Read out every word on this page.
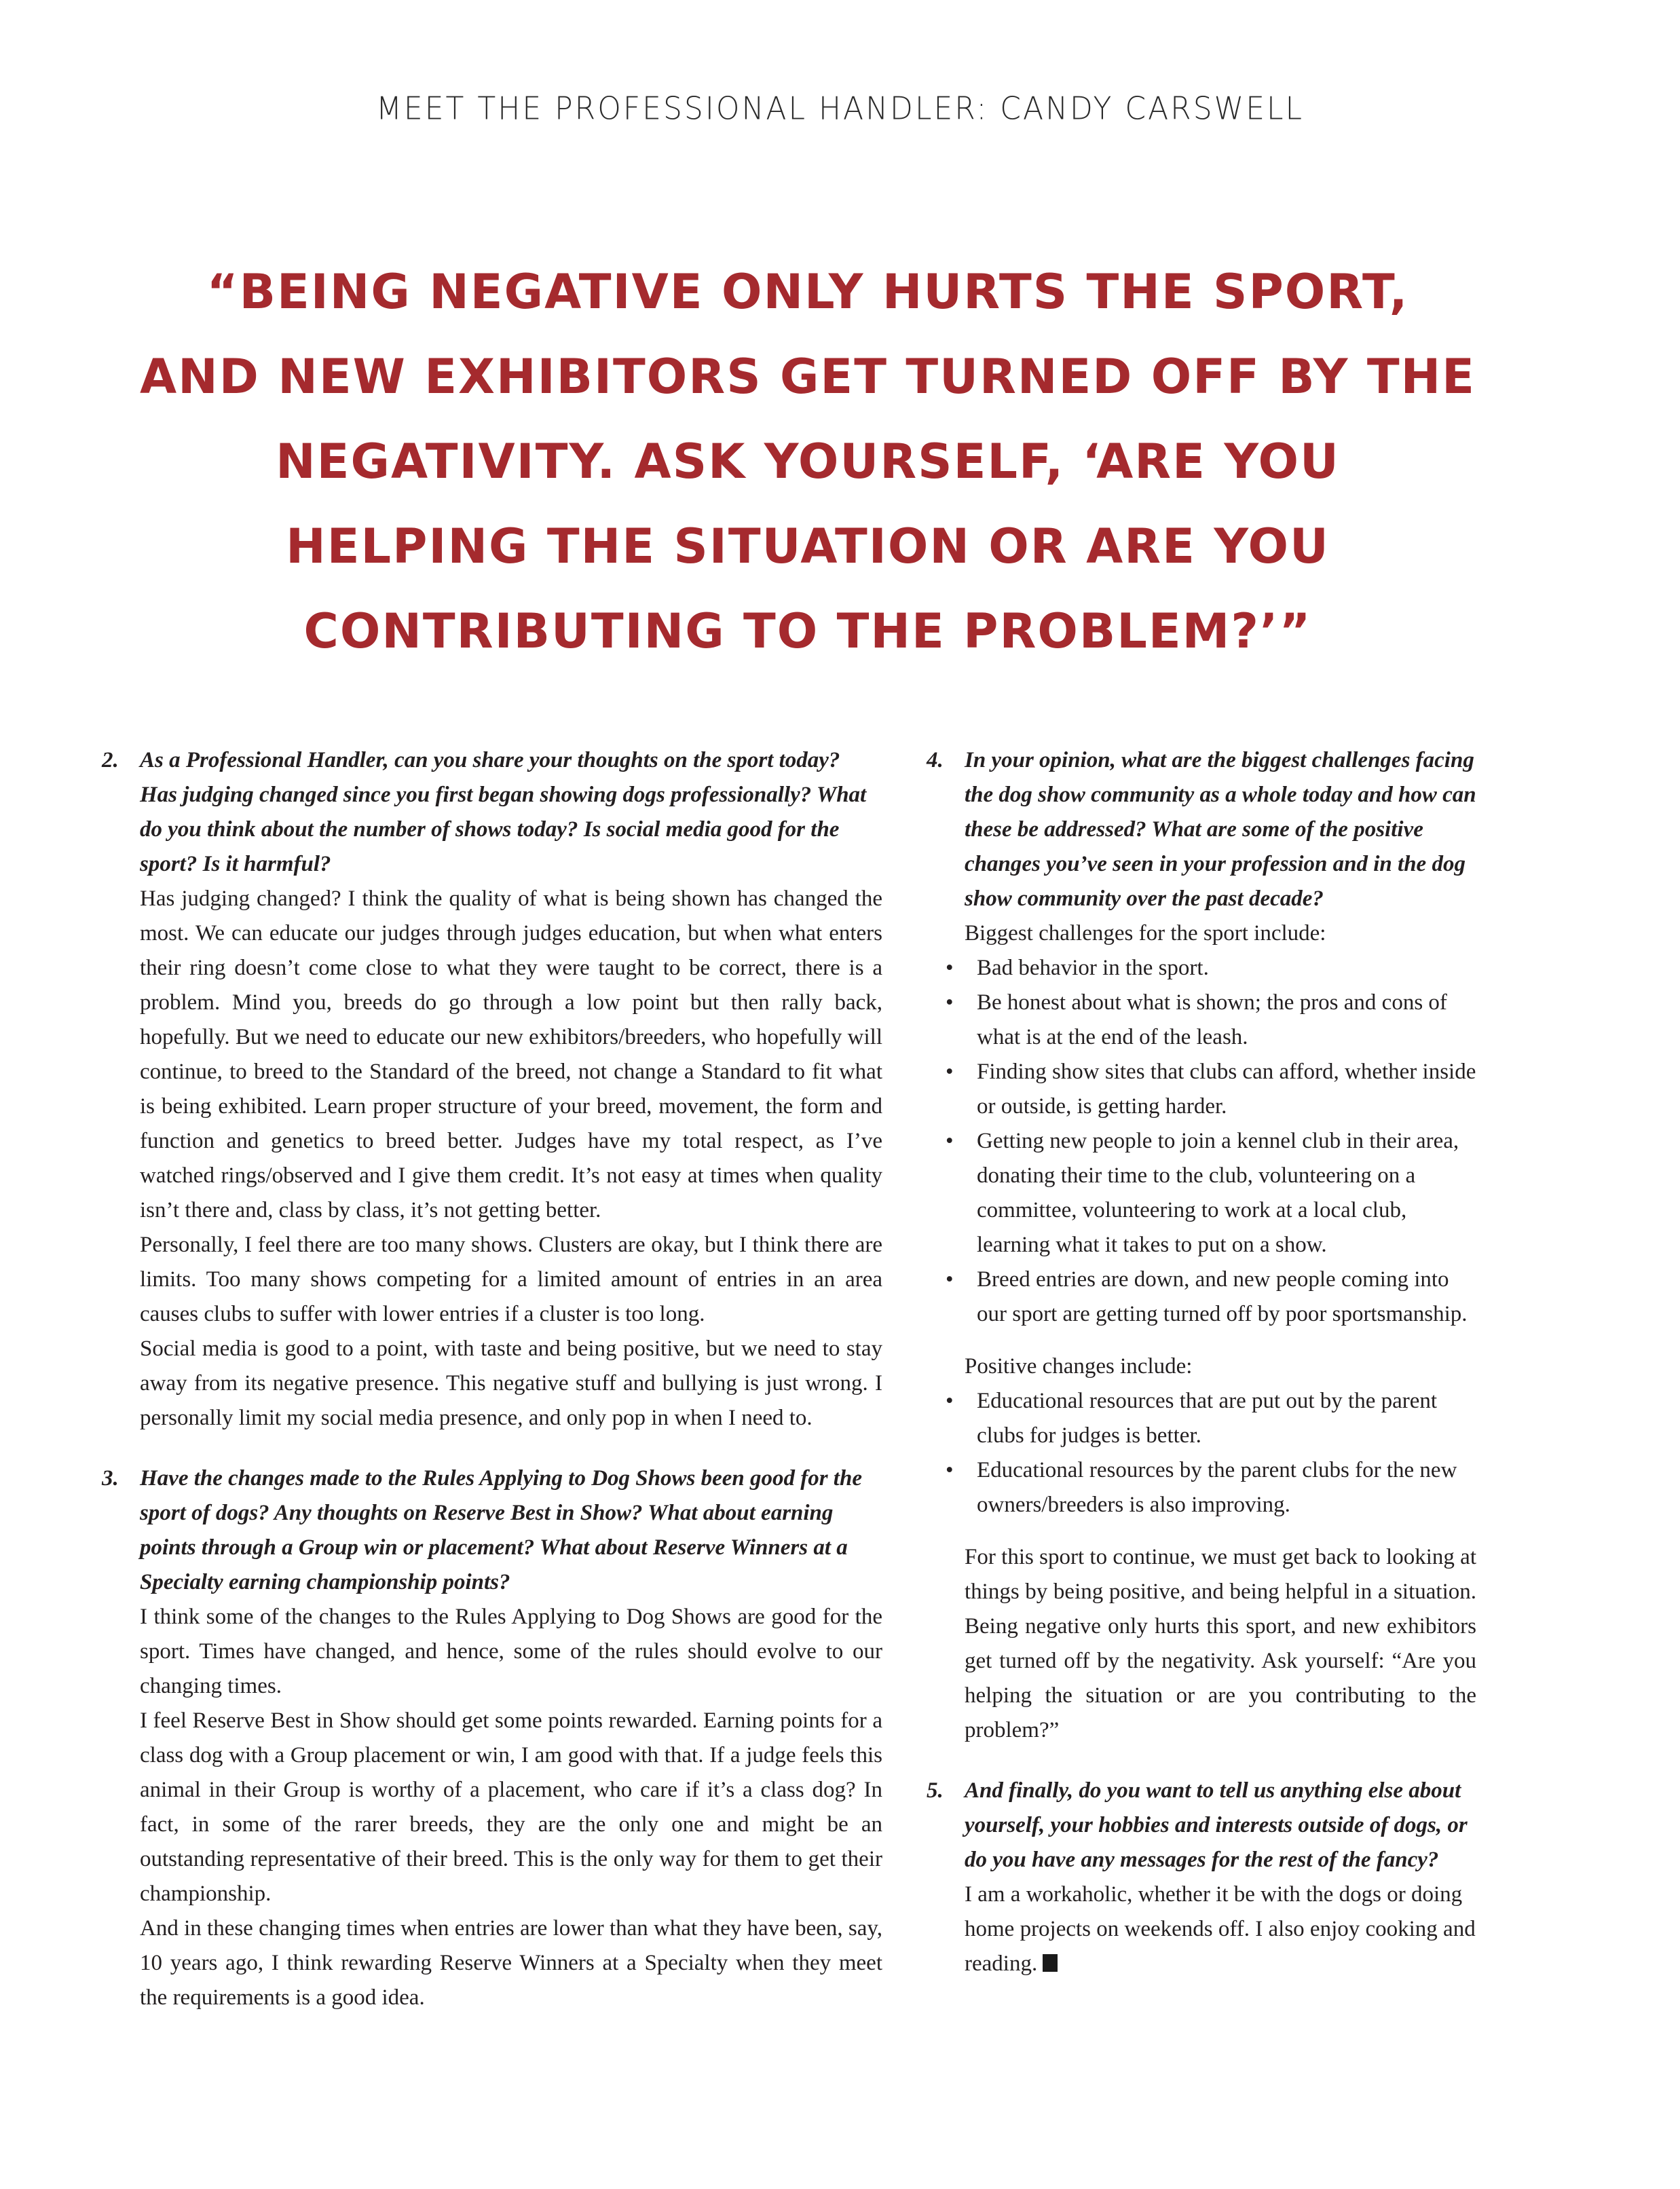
MEET THE PROFESSIONAL HANDLER: CANDY CARSWELL
“BEING NEGATIVE ONLY HURTS THE SPORT,
AND NEW EXHIBITORS GET TURNED OFF BY THE
NEGATIVITY. ASK YOURSELF, ‘ARE YOU
HELPING THE SITUATION OR ARE YOU
CONTRIBUTING TO THE PROBLEM?’”
2. As a Professional Handler, can you share your thoughts on the sport today? Has judging changed since you first began showing dogs professionally? What do you think about the number of shows today? Is social media good for the sport? Is it harmful?

Has judging changed? I think the quality of what is being shown has changed the most. We can educate our judges through judges education, but when what enters their ring doesn’t come close to what they were taught to be correct, there is a problem. Mind you, breeds do go through a low point but then rally back, hopefully. But we need to educate our new exhibitors/breeders, who hopefully will continue, to breed to the Standard of the breed, not change a Standard to fit what is being exhibited. Learn proper structure of your breed, movement, the form and function and genetics to breed better. Judges have my total respect, as I’ve watched rings/observed and I give them credit. It’s not easy at times when quality isn’t there and, class by class, it’s not getting better.

Personally, I feel there are too many shows. Clusters are okay, but I think there are limits. Too many shows competing for a limited amount of entries in an area causes clubs to suffer with lower entries if a cluster is too long.

Social media is good to a point, with taste and being positive, but we need to stay away from its negative presence. This negative stuff and bullying is just wrong. I personally limit my social media presence, and only pop in when I need to.

3. Have the changes made to the Rules Applying to Dog Shows been good for the sport of dogs? Any thoughts on Reserve Best in Show? What about earning points through a Group win or placement? What about Reserve Winners at a Specialty earning championship points?

I think some of the changes to the Rules Applying to Dog Shows are good for the sport. Times have changed, and hence, some of the rules should evolve to our changing times.

I feel Reserve Best in Show should get some points rewarded. Earning points for a class dog with a Group placement or win, I am good with that. If a judge feels this animal in their Group is worthy of a placement, who care if it’s a class dog? In fact, in some of the rarer breeds, they are the only one and might be an outstanding representative of their breed. This is the only way for them to get their championship.

And in these changing times when entries are lower than what they have been, say, 10 years ago, I think rewarding Reserve Winners at a Specialty when they meet the requirements is a good idea.

4. In your opinion, what are the biggest challenges facing the dog show community as a whole today and how can these be addressed? What are some of the positive changes you’ve seen in your profession and in the dog show community over the past decade?

Biggest challenges for the sport include:

• Bad behavior in the sport.
• Be honest about what is shown; the pros and cons of what is at the end of the leash.
• Finding show sites that clubs can afford, whether inside or outside, is getting harder.
• Getting new people to join a kennel club in their area, donating their time to the club, volunteering on a committee, volunteering to work at a local club, learning what it takes to put on a show.
• Breed entries are down, and new people coming into our sport are getting turned off by poor sportsmanship.

Positive changes include:

• Educational resources that are put out by the parent clubs for judges is better.
• Educational resources by the parent clubs for the new owners/breeders is also improving.
For this sport to continue, we must get back to looking at things by being positive, and being helpful in a situation. Being negative only hurts this sport, and new exhibitors get turned off by the negativity. Ask yourself: “Are you helping the situation or are you contributing to the problem?”
5. And finally, do you want to tell us anything else about yourself, your hobbies and interests outside of dogs, or do you have any messages for the rest of the fancy?
I am a workaholic, whether it be with the dogs or doing home projects on weekends off. I also enjoy cooking and reading.
